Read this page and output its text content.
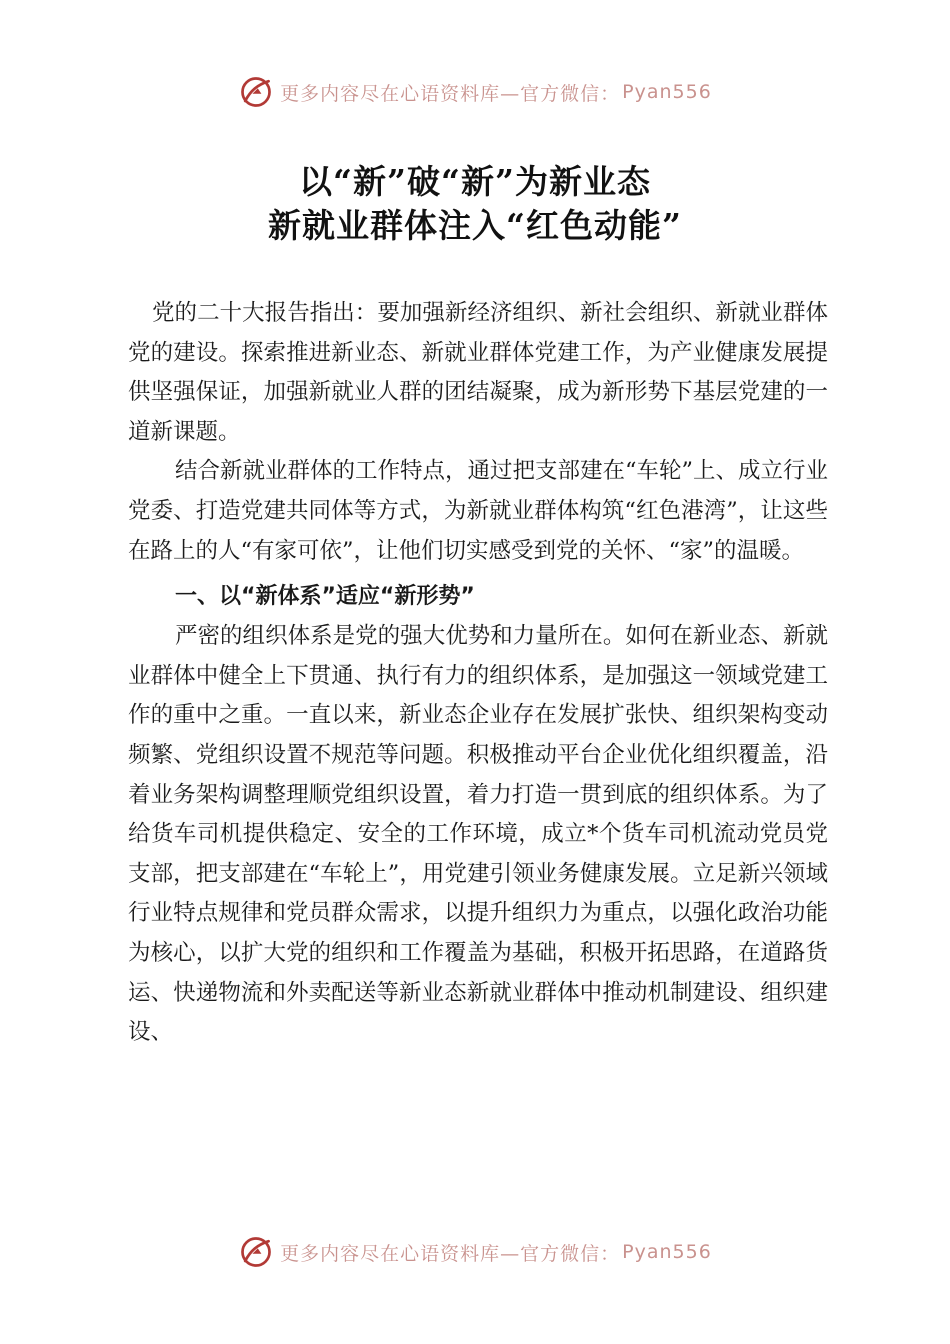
更多内容尽在心语资料库—官方微信： Pyan556
以“新”破“新”为新业态
新就业群体注入“红色动能”

党的二十大报告指出：要加强新经济组织、新社会组织、新就业群体党的建设。探索推进新业态、新就业群体党建工作，为产业健康发展提供坚强保证，加强新就业人群的团结凝聚，成为新形势下基层党建的一道新课题。

结合新就业群体的工作特点，通过把支部建在“车轮”上、成立行业党委、打造党建共同体等方式，为新就业群体构筑“红色港湾”，让这些在路上的人“有家可依”，让他们切实感受到党的关怀、“家”的温暖。

一、以“新体系”适应“新形势”

严密的组织体系是党的强大优势和力量所在。如何在新业态、新就业群体中健全上下贯通、执行有力的组织体系，是加强这一领域党建工作的重中之重。一直以来，新业态企业存在发展扩张快、组织架构变动频繁、党组织设置不规范等问题。积极推动平台企业优化组织覆盖，沿着业务架构调整理顺党组织设置，着力打造一贯到底的组织体系。为了给货车司机提供稳定、安全的工作环境，成立*个货车司机流动党员党支部，把支部建在“车轮上”，用党建引领业务健康发展。立足新兴领域行业特点规律和党员群众需求，以提升组织力为重点，以强化政治功能为核心，以扩大党的组织和工作覆盖为基础，积极开拓思路，在道路货运、快递物流和外卖配送等新业态新就业群体中推动机制建设、组织建设、

更多内容尽在心语资料库—官方微信： Pyan556
